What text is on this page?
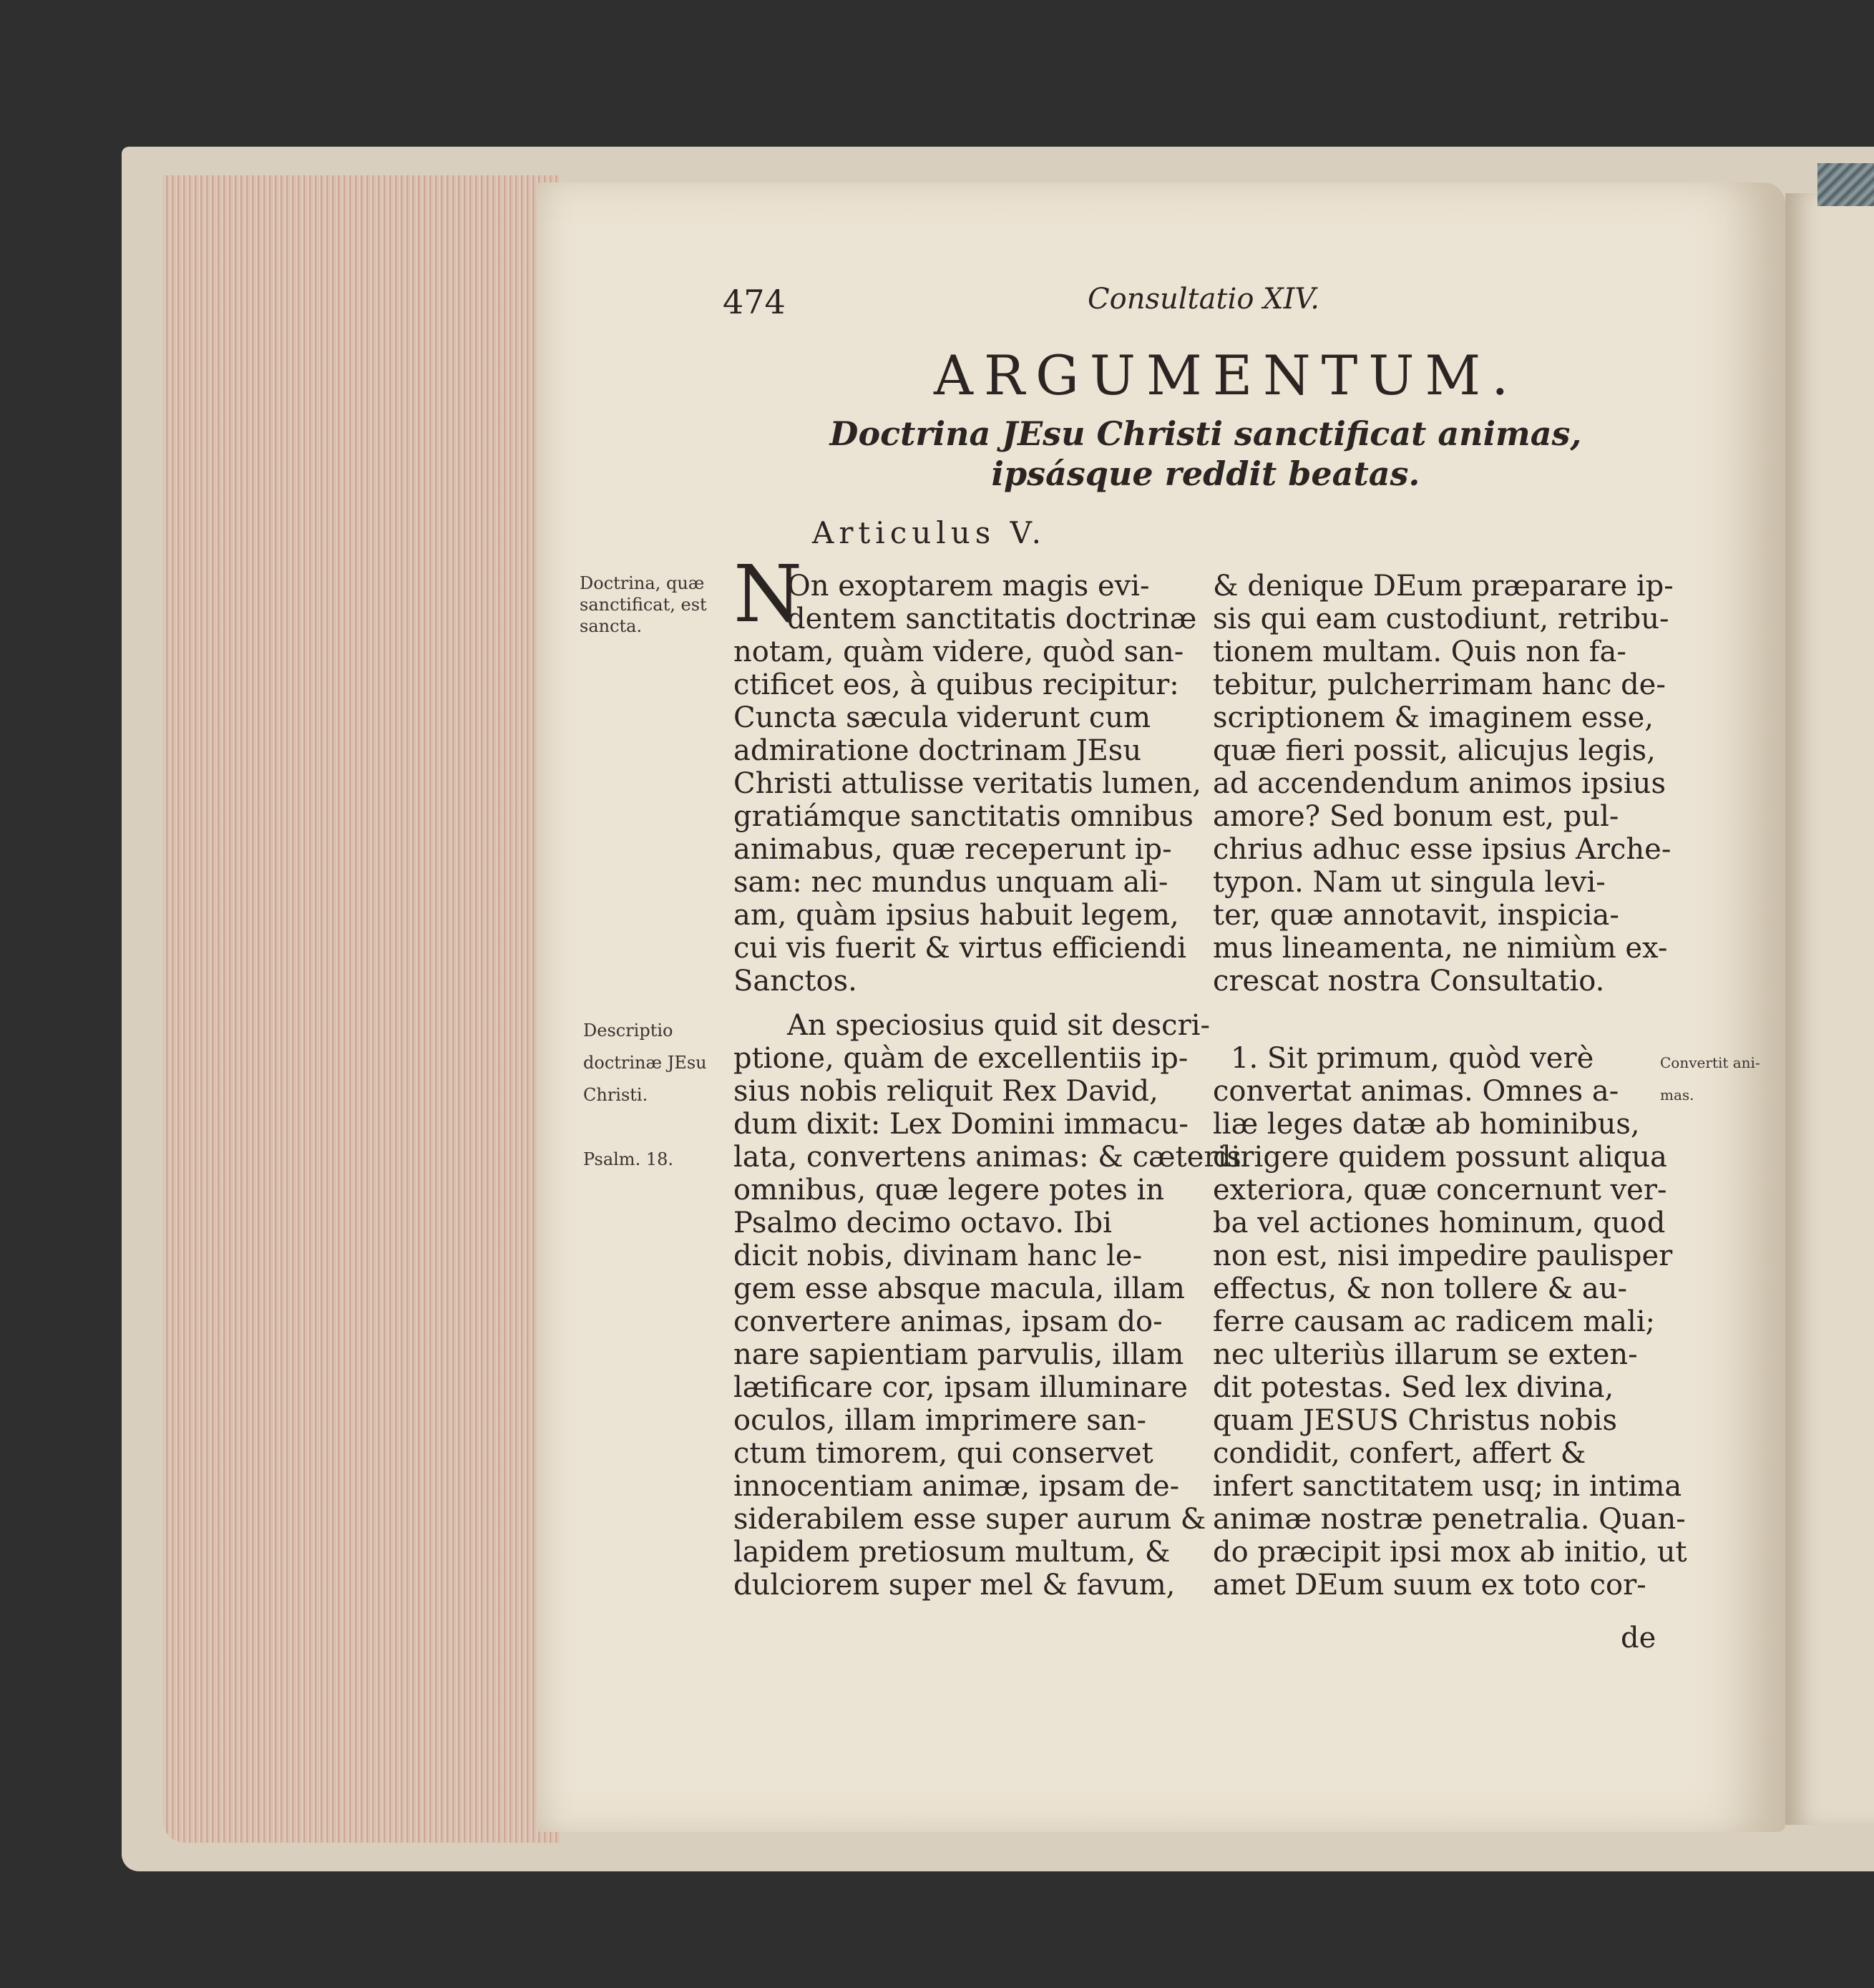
474	Consultatio XIV.
ARGUMENTUM.
Doctrina JEsu Christi sanctificat animas, ipsásque reddit beatas.
Articulus V.
N
Doctrina, quæ
sanctificat, est
sancta.
Descriptio
doctrinæ JEsu
Christi.
Psalm. 18.
Convertit ani-
mas.
On exoptarem magis evi-
dentem sanctitatis doctrinæ
notam, quàm videre, quòd san-
ctificet eos, à quibus recipitur:
Cuncta sæcula viderunt cum
admiratione doctrinam JEsu
Christi attulisse veritatis lumen,
gratiámque sanctitatis omnibus
animabus, quæ receperunt ip-
sam: nec mundus unquam ali-
am, quàm ipsius habuit legem,
cui vis fuerit & virtus efficiendi
Sanctos.
An speciosius quid sit descri-
ptione, quàm de excellentiis ip-
sius nobis reliquit Rex David,
dum dixit: Lex Domini immacu-
lata, convertens animas: & cæteris
omnibus, quæ legere potes in
Psalmo decimo octavo. Ibi
dicit nobis, divinam hanc le-
gem esse absque macula, illam
convertere animas, ipsam do-
nare sapientiam parvulis, illam
lætificare cor, ipsam illuminare
oculos, illam imprimere san-
ctum timorem, qui conservet
innocentiam animæ, ipsam de-
siderabilem esse super aurum &
lapidem pretiosum multum, &
dulciorem super mel & favum,
& denique DEum præparare ip-
sis qui eam custodiunt, retribu-
tionem multam. Quis non fa-
tebitur, pulcherrimam hanc de-
scriptionem & imaginem esse,
quæ fieri possit, alicujus legis,
ad accendendum animos ipsius
amore? Sed bonum est, pul-
chrius adhuc esse ipsius Arche-
typon. Nam ut singula levi-
ter, quæ annotavit, inspicia-
mus lineamenta, ne nimiùm ex-
crescat nostra Consultatio.
1. Sit primum, quòd verè
convertat animas. Omnes a-
liæ leges datæ ab hominibus,
dirigere quidem possunt aliqua
exteriora, quæ concernunt ver-
ba vel actiones hominum, quod
non est, nisi impedire paulisper
effectus, & non tollere & au-
ferre causam ac radicem mali;
nec ulteriùs illarum se exten-
dit potestas. Sed lex divina,
quam JESUS Christus nobis
condidit, confert, affert &
infert sanctitatem usq; in intima
animæ nostræ penetralia. Quan-
do præcipit ipsi mox ab initio, ut
amet DEum suum ex toto cor-
de
